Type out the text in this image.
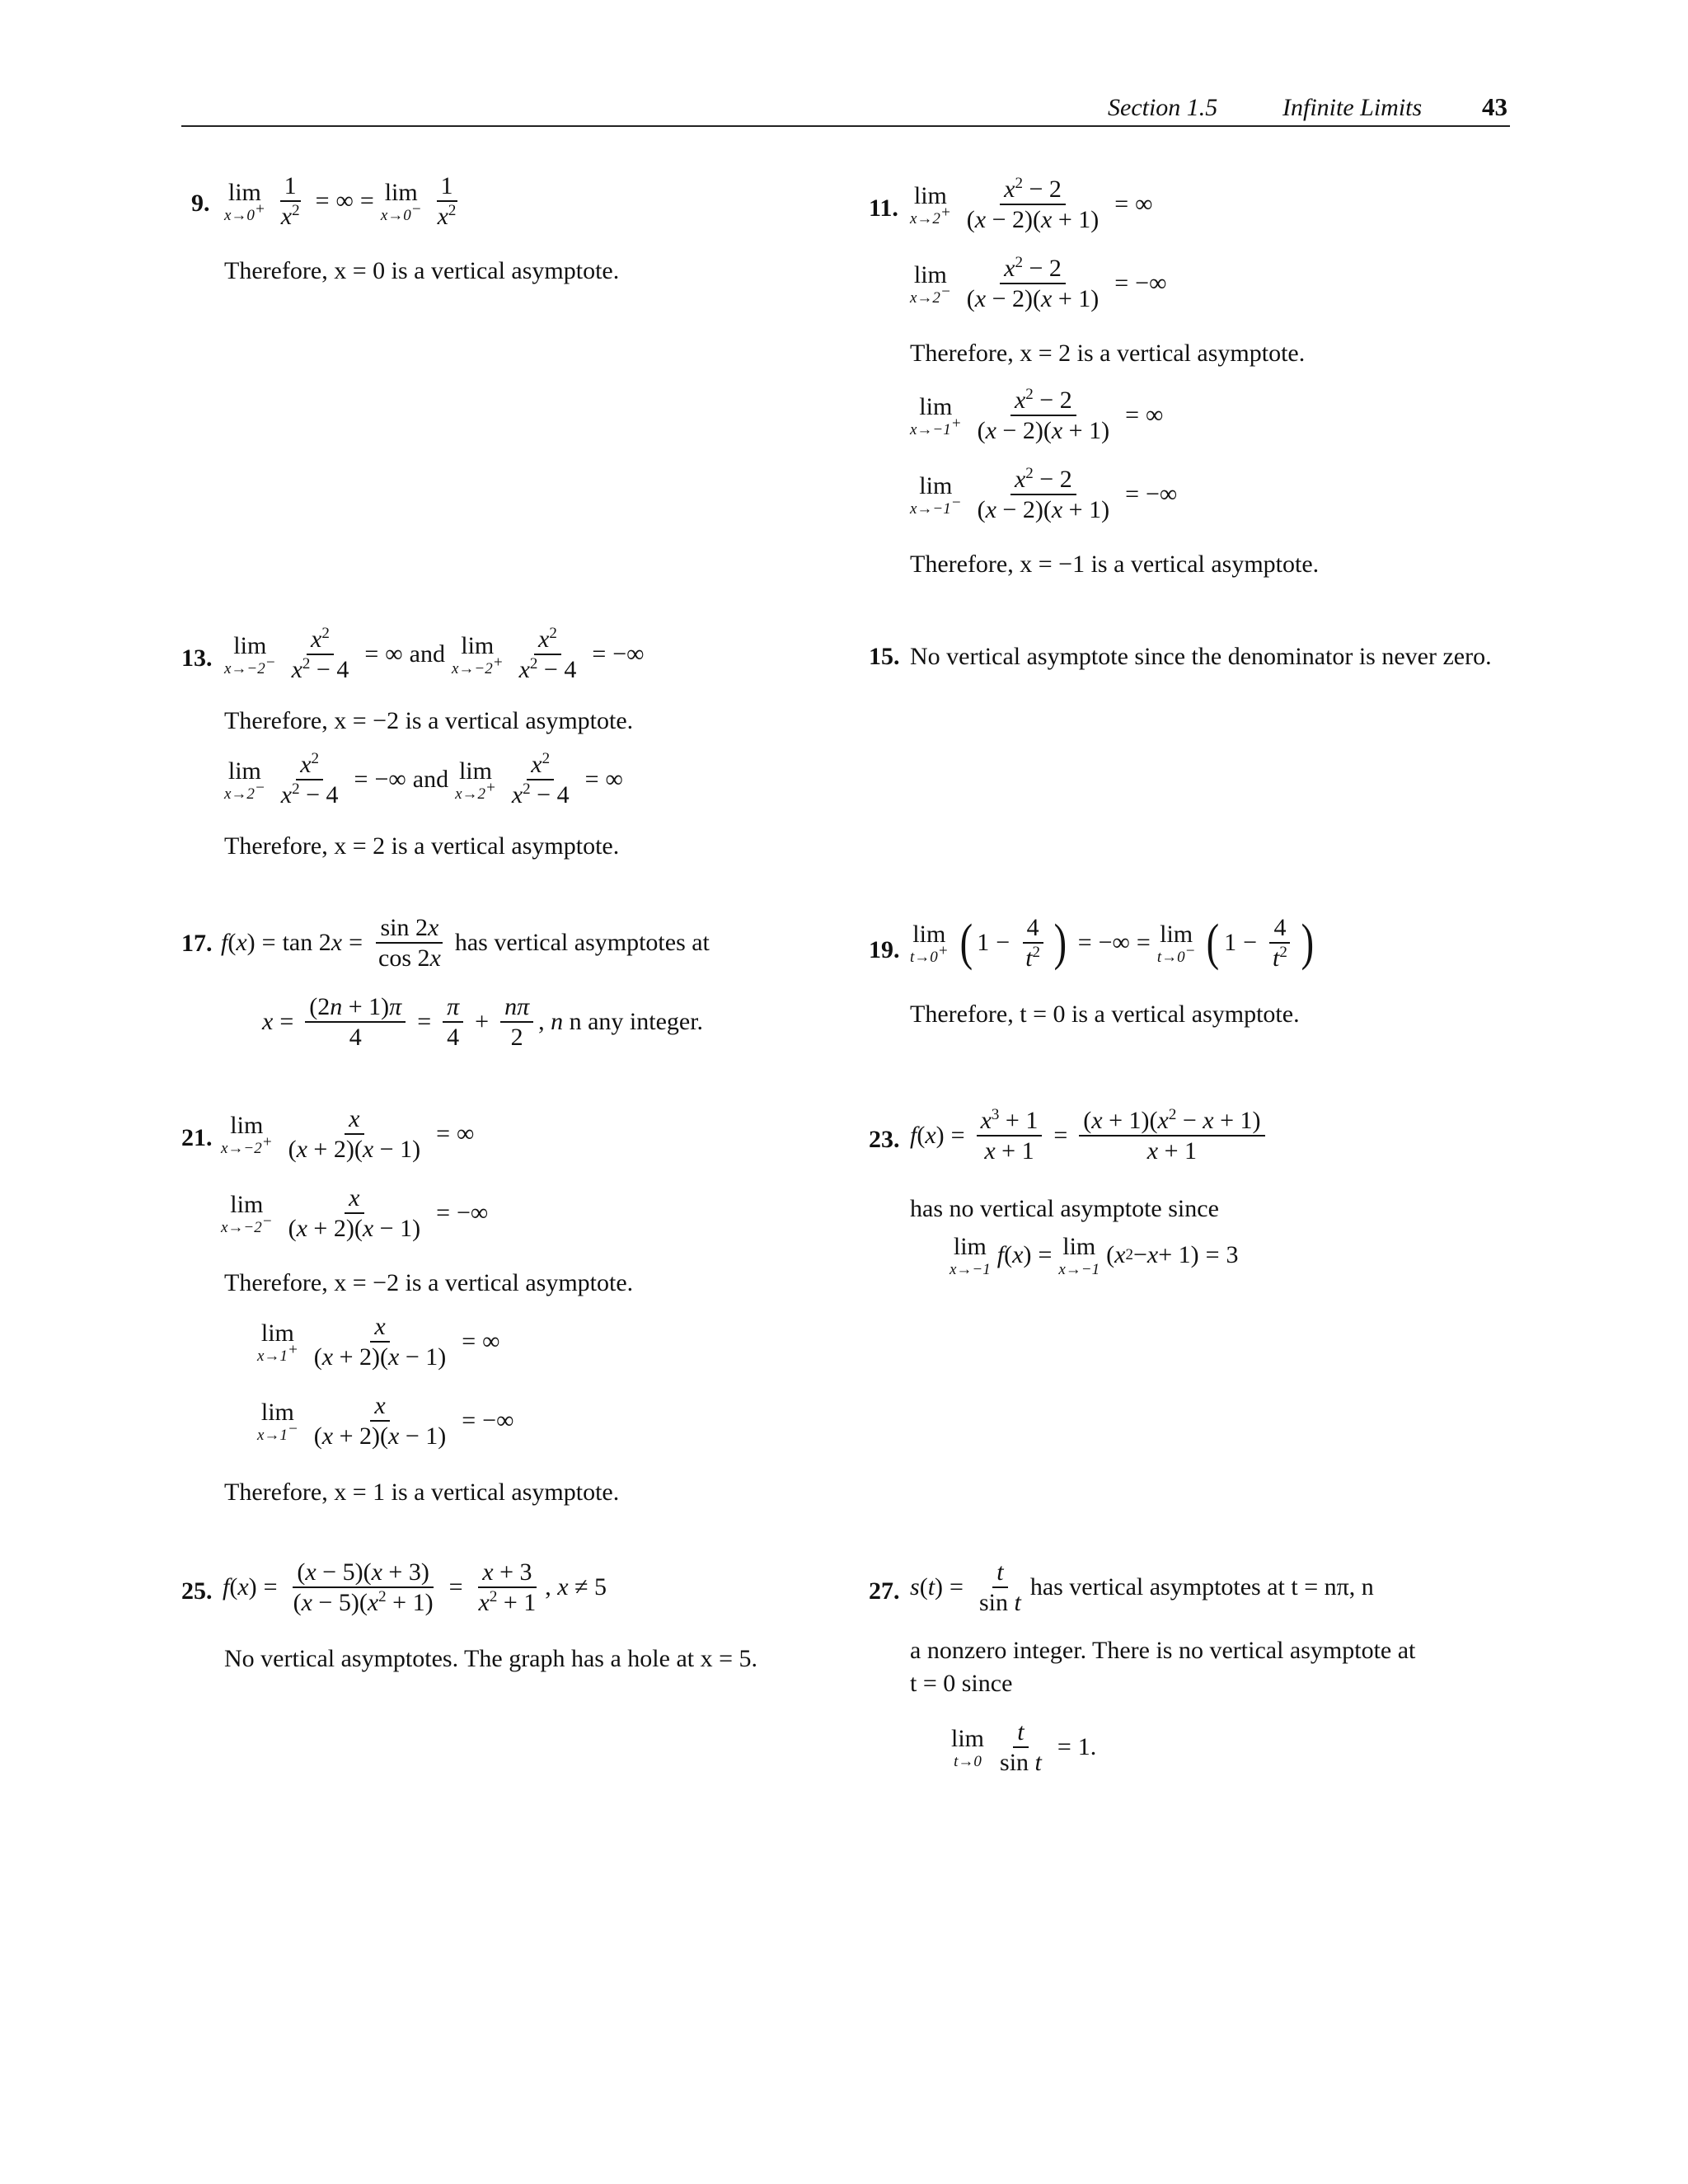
Section 1.5	Infinite Limits 43
9. lim
$x\to 0^+ \frac{1}{x^2}$ = ∞ = lim
$x\to 0^- \frac{1}{x^2}$
Therefore, x = 0 is a vertical asymptote.
11. lim
$x\to 2^+ \frac{x^2 - 2}{(x - 2)(x + 1)}$ = ∞
lim
$x\to 2^- \frac{x^2 - 2}{(x - 2)(x + 1)}$ = −∞
Therefore, x = 2 is a vertical asymptote.
lim
$x\to-1^+ \frac{x^2 - 2}{(x - 2)(x + 1)}$ = ∞
lim
$x\to-1^- \frac{x^2 - 2}{(x - 2)(x + 1)}$ = −∞
Therefore, x = −1 is a vertical asymptote.
13. lim
$x\to-2^- \frac{x^2}{x^2 - 4}$ = ∞ and lim
$x\to-2^+ \frac{x^2}{x^2 - 4}$ = −∞
Therefore, x = −2 is a vertical asymptote.
lim
$x\to 2^- \frac{x^2}{x^2 - 4}$ = −∞ and lim
$x\to 2^+ \frac{x^2}{x^2 - 4}$ = ∞
Therefore, x = 2 is a vertical asymptote.
15. No vertical asymptote since the denominator is never zero.
17. f ( x ) = tan 2 $x = \frac{\sin 2x}{\cos 2x}$ has vertical asymptotes at
$x = \frac{(2n + 1)\pi}{4} = \frac{\pi}{4} + \frac{n\pi}{2}$ , n
n any integer.
19.
lim
t→0+ ( $1 - \frac{4}{t^2}$ ) = −∞ = lim
t→0− ( $1 - \frac{4}{t^2}$ )
Therefore, t = 0 is a vertical asymptote.
21. lim
$x\to-2^+ \frac{x}{(x + 2)(x - 1)}$ = ∞
lim
$x\to-2^- \frac{x}{(x + 2)(x - 1)}$ = −∞
Therefore, x = −2 is a vertical asymptote.
lim
$x\to 1^+ \frac{x}{(x + 2)(x - 1)}$ = ∞
lim
$x\to 1^- \frac{x}{(x + 2)(x - 1)}$ = −∞
Therefore, x = 1 is a vertical asymptote.
23. f ( x ) = $\frac{x^3 + 1}{x + 1} = \frac{(x + 1)(x^2 - x + 1)}{x + 1}$
has no vertical asymptote since
lim
x→−1
f ( x ) = lim
x→−1
( x 2 − x + 1) = 3
25. f ( x ) = $\frac{(x - 5)(x + 3)}{(x - 5)(x^2 + 1)} = \frac{x + 3}{x^2 + 1}$ , x ≠ 5
No vertical asymptotes. The graph has a hole at x = 5.
27. s ( t ) = $\frac{t}{\text{sin t}}$ has vertical asymptotes at t = nπ, n
a nonzero integer. There is no vertical asymptote at
t = 0 since
lim
$t\to 0 \frac{t}{\text{sin t}} = 1$.
